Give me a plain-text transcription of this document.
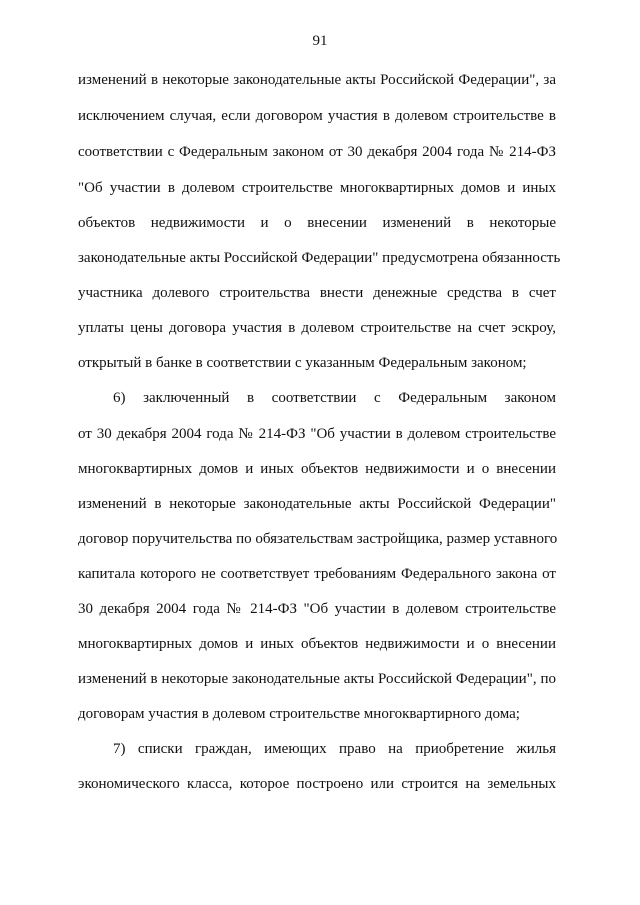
91
изменений в некоторые законодательные акты Российской Федерации", за
исключением случая, если договором участия в долевом строительстве в
соответствии с Федеральным законом от 30 декабря 2004 года № 214-ФЗ
"Об участии в долевом строительстве многоквартирных домов и иных
объектов недвижимости и о внесении изменений в некоторые
законодательные акты Российской Федерации" предусмотрена обязанность
участника долевого строительства внести денежные средства в счет
уплаты цены договора участия в долевом строительстве на счет эскроу,
открытый в банке в соответствии с указанным Федеральным законом;
6) заключенный в соответствии с Федеральным законом
от 30 декабря 2004 года № 214-ФЗ "Об участии в долевом строительстве
многоквартирных домов и иных объектов недвижимости и о внесении
изменений в некоторые законодательные акты Российской Федерации"
договор поручительства по обязательствам застройщика, размер уставного
капитала которого не соответствует требованиям Федерального закона от
30 декабря 2004 года № 214-ФЗ "Об участии в долевом строительстве
многоквартирных домов и иных объектов недвижимости и о внесении
изменений в некоторые законодательные акты Российской Федерации", по
договорам участия в долевом строительстве многоквартирного дома;
7) списки граждан, имеющих право на приобретение жилья
экономического класса, которое построено или строится на земельных
